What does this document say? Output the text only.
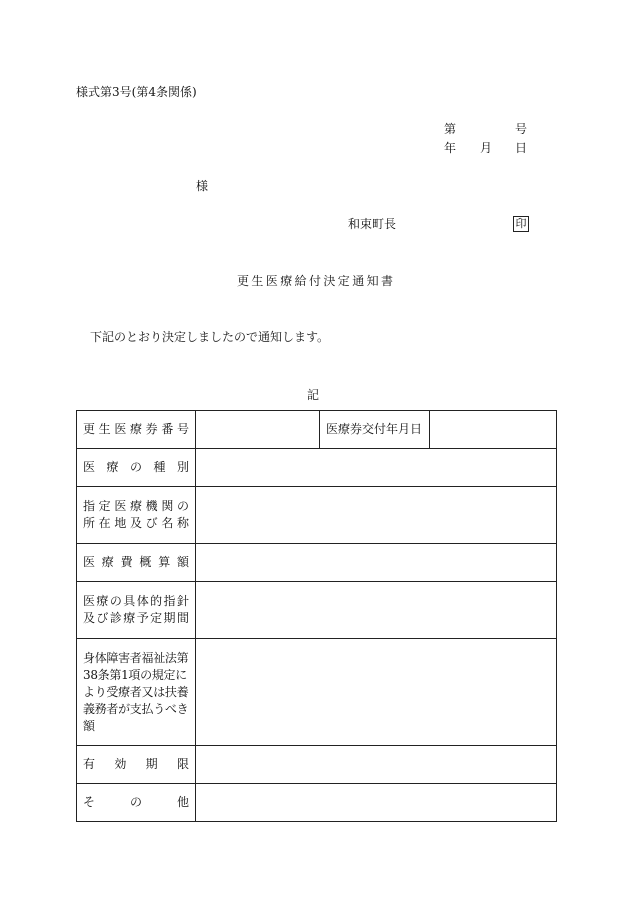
様式第3号(第4条関係)
第	号
年 月 日
様
和束町長	印
更生医療給付決定通知書
下記のとおり決定しましたので通知します。
記
更生医療券番号		医療券交付年月日	
医療の種別			

指定医療機関の
所在地及び名称			

医療費概算額			

医療の具体的指針
及び診療予定期間			

身体障害者福祉法第
38条第1項の規定に
より受療者又は扶養
義務者が支払うべき
額			

有効期限			
その他			
